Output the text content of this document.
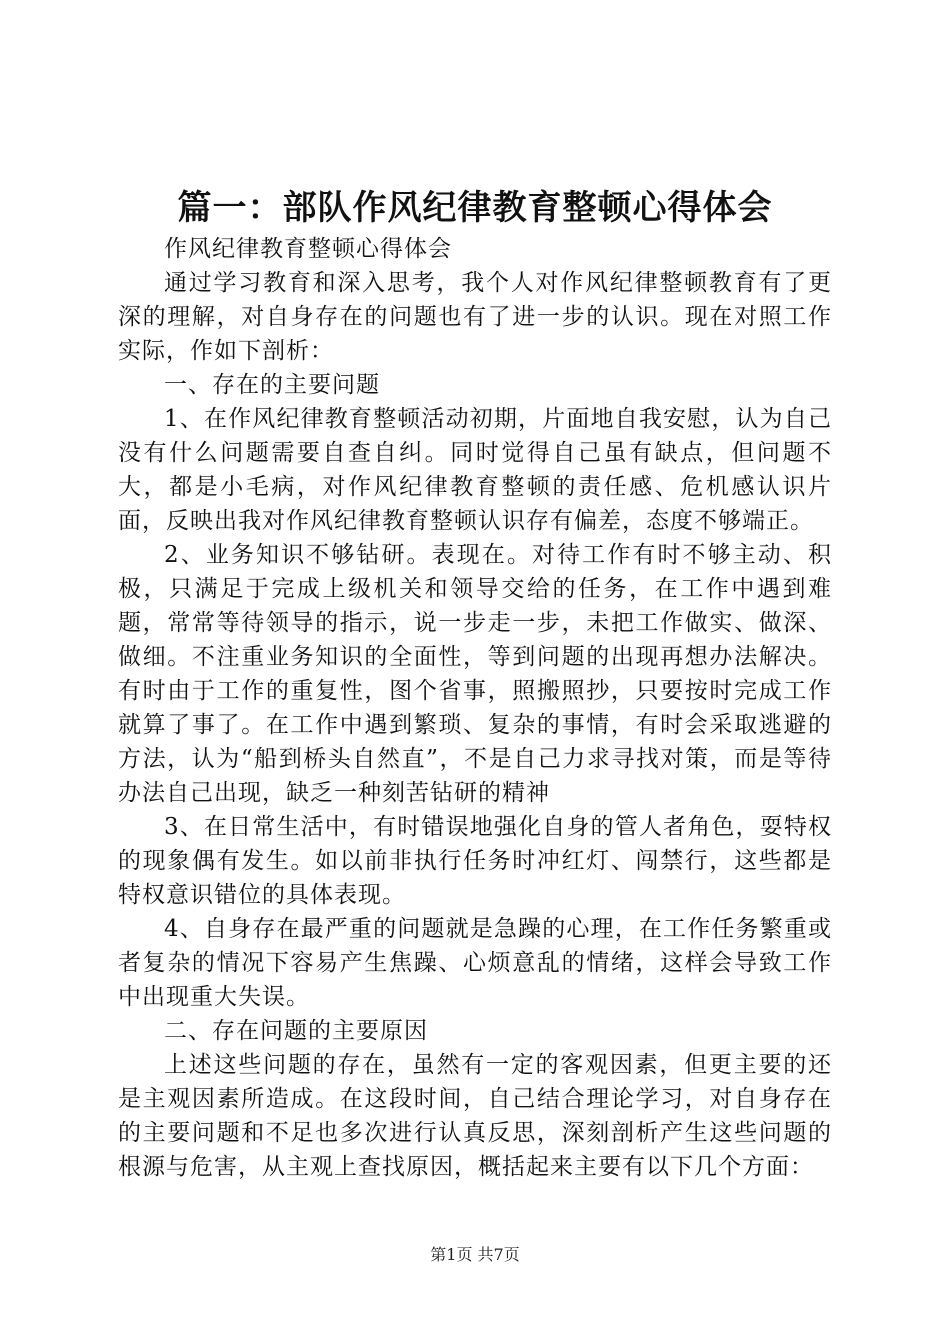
篇一：部队作风纪律教育整顿心得体会

作风纪律教育整顿心得体会

通过学习教育和深入思考，我个人对作风纪律整顿教育有了更深的理解，对自身存在的问题也有了进一步的认识。现在对照工作实际，作如下剖析：

一、存在的主要问题

1、在作风纪律教育整顿活动初期，片面地自我安慰，认为自己没有什么问题需要自查自纠。同时觉得自己虽有缺点，但问题不大，都是小毛病，对作风纪律教育整顿的责任感、危机感认识片面，反映出我对作风纪律教育整顿认识存有偏差，态度不够端正。

2、业务知识不够钻研。表现在。对待工作有时不够主动、积极，只满足于完成上级机关和领导交给的任务，在工作中遇到难题，常常等待领导的指示，说一步走一步，未把工作做实、做深、做细。不注重业务知识的全面性，等到问题的出现再想办法解决。有时由于工作的重复性，图个省事，照搬照抄，只要按时完成工作就算了事了。在工作中遇到繁琐、复杂的事情，有时会采取逃避的方法，认为“船到桥头自然直”，不是自己力求寻找对策，而是等待办法自己出现，缺乏一种刻苦钻研的精神

3、在日常生活中，有时错误地强化自身的管人者角色，耍特权的现象偶有发生。如以前非执行任务时冲红灯、闯禁行，这些都是特权意识错位的具体表现。

4、自身存在最严重的问题就是急躁的心理，在工作任务繁重或者复杂的情况下容易产生焦躁、心烦意乱的情绪，这样会导致工作中出现重大失误。

二、存在问题的主要原因

上述这些问题的存在，虽然有一定的客观因素，但更主要的还是主观因素所造成。在这段时间，自己结合理论学习，对自身存在的主要问题和不足也多次进行认真反思，深刻剖析产生这些问题的根源与危害，从主观上查找原因，概括起来主要有以下几个方面：

第1页 共7页
